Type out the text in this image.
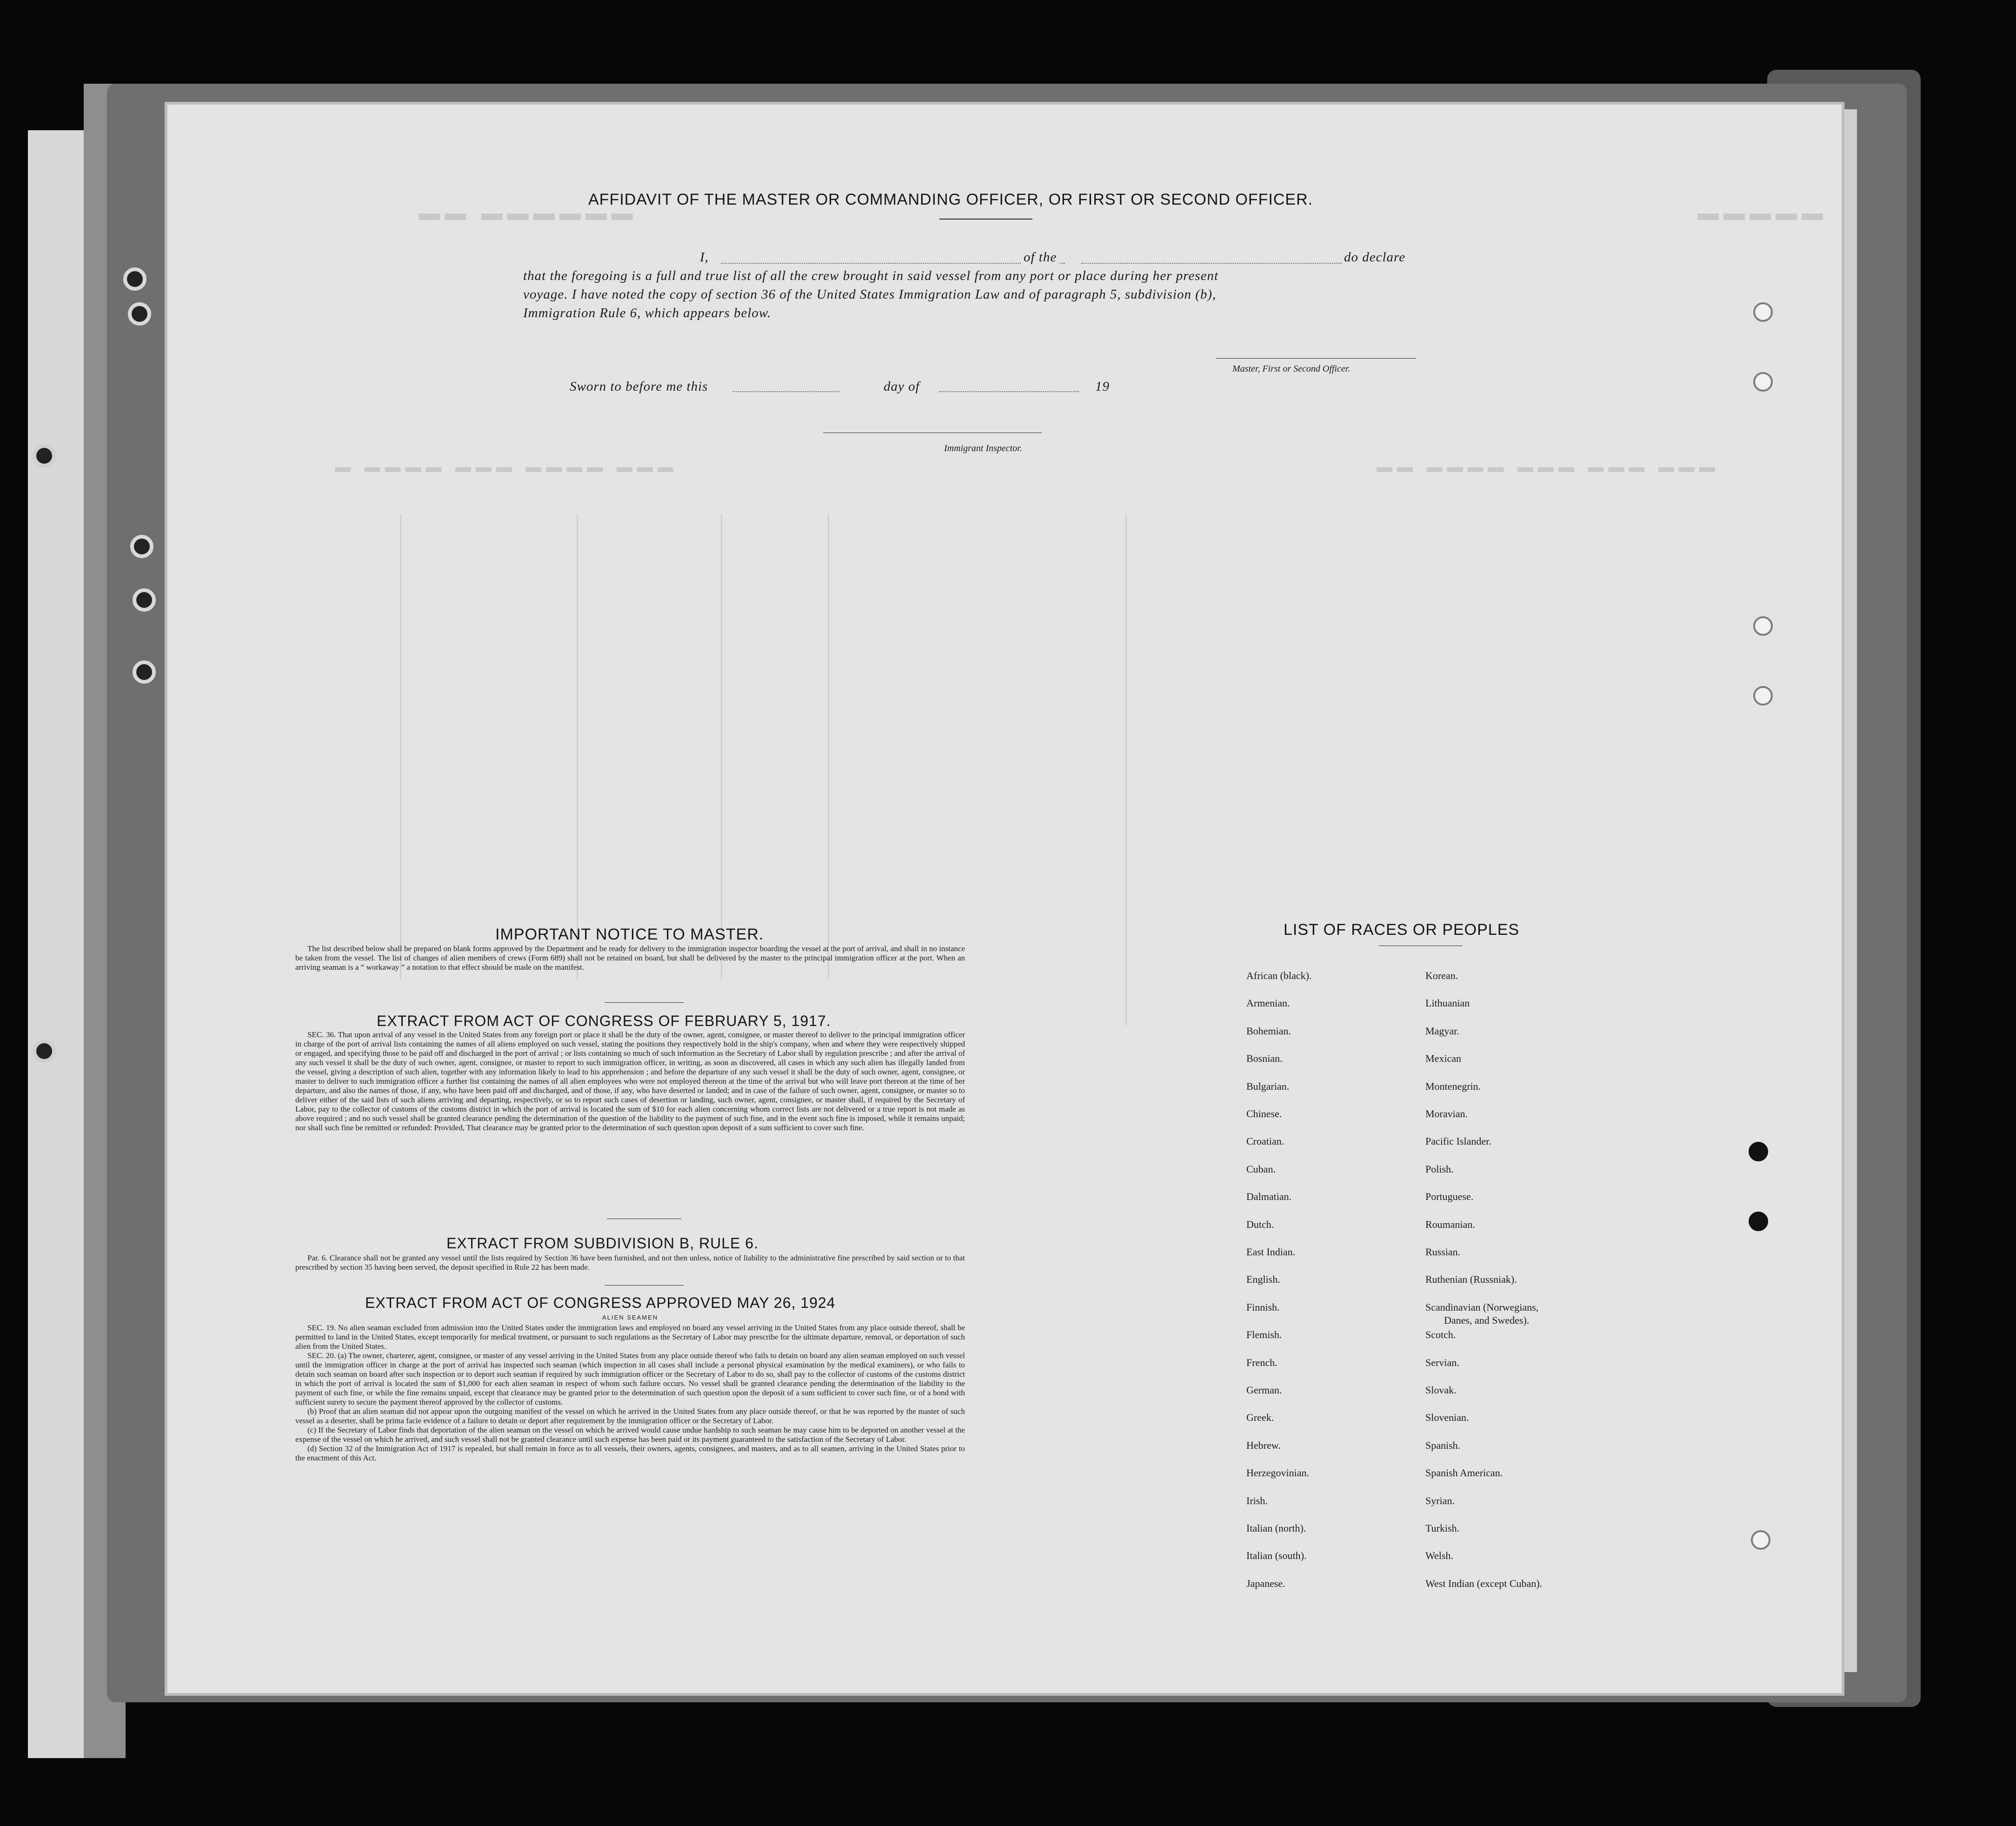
▬▬ ▬▬▬▬▬▬	▬▬▬▬▬
▬ ▬▬▬▬ ▬▬▬ ▬▬▬▬ ▬▬▬	▬▬ ▬▬▬▬ ▬▬▬ ▬▬▬ ▬▬▬
AFFIDAVIT OF THE MASTER OR COMMANDING OFFICER, OR FIRST OR SECOND OFFICER.
I,	of the	do declare
that the foregoing is a full and true list of all the crew brought in said vessel from any port or place during her present
voyage. I have noted the copy of section 36 of the United States Immigration Law and of paragraph 5, subdivision (b),
Immigration Rule 6, which appears below.
Master, First or Second Officer.
Sworn to before me this	day of	19
Immigrant Inspector.
IMPORTANT NOTICE TO MASTER.

The list described below shall be prepared on blank forms approved by the Department and be ready for delivery to the immigration inspector boarding the vessel at the port of arrival, and shall in no instance be taken from the vessel. The list of changes of alien members of crews (Form 689) shall not be retained on board, but shall be delivered by the master to the principal immigration officer at the port. When an arriving seaman is a “ workaway ” a notation to that effect should be made on the manifest.

EXTRACT FROM ACT OF CONGRESS OF FEBRUARY 5, 1917.

SEC. 36. That upon arrival of any vessel in the United States from any foreign port or place it shall be the duty of the owner, agent, consignee, or master thereof to deliver to the principal immigration officer in charge of the port of arrival lists containing the names of all aliens employed on such vessel, stating the positions they respectively hold in the ship's company, when and where they were respectively shipped or engaged, and specifying those to be paid off and discharged in the port of arrival ; or lists containing so much of such information as the Secretary of Labor shall by regulation prescribe ; and after the arrival of any such vessel it shall be the duty of such owner, agent, consignee, or master to report to such immigration officer, in writing, as soon as discovered, all cases in which any such alien has illegally landed from the vessel, giving a description of such alien, together with any information likely to lead to his apprehension ; and before the departure of any such vessel it shall be the duty of such owner, agent, consignee, or master to deliver to such immigration officer a further list containing the names of all alien employees who were not employed thereon at the time of the arrival but who will leave port thereon at the time of her departure, and also the names of those, if any, who have been paid off and discharged, and of those, if any, who have deserted or landed; and in case of the failure of such owner, agent, consignee, or master so to deliver either of the said lists of such aliens arriving and departing, respectively, or so to report such cases of desertion or landing, such owner, agent, consignee, or master shall, if required by the Secretary of Labor, pay to the collector of customs of the customs district in which the port of arrival is located the sum of $10 for each alien concerning whom correct lists are not delivered or a true report is not made as above required ; and no such vessel shall be granted clearance pending the determination of the question of the liability to the payment of such fine, and in the event such fine is imposed, while it remains unpaid; nor shall such fine be remitted or refunded: Provided, That clearance may be granted prior to the determination of such question upon deposit of a sum sufficient to cover such fine.

EXTRACT FROM SUBDIVISION B, RULE 6.

Par. 6. Clearance shall not be granted any vessel until the lists required by Section 36 have been furnished, and not then unless, notice of liability to the administrative fine prescribed by said section or to that prescribed by section 35 having been served, the deposit specified in Rule 22 has been made.

EXTRACT FROM ACT OF CONGRESS APPROVED MAY 26, 1924
ALIEN SEAMEN

SEC. 19. No alien seaman excluded from admission into the United States under the immigration laws and employed on board any vessel arriving in the United States from any place outside thereof, shall be permitted to land in the United States, except temporarily for medical treatment, or pursuant to such regulations as the Secretary of Labor may prescribe for the ultimate departure, removal, or deportation of such alien from the United States.

SEC. 20. (a) The owner, charterer, agent, consignee, or master of any vessel arriving in the United States from any place outside thereof who fails to detain on board any alien seaman employed on such vessel until the immigration officer in charge at the port of arrival has inspected such seaman (which inspection in all cases shall include a personal physical examination by the medical examiners), or who fails to detain such seaman on board after such inspection or to deport such seaman if required by such immigration officer or the Secretary of Labor to do so, shall pay to the collector of customs of the customs district in which the port of arrival is located the sum of $1,000 for each alien seaman in respect of whom such failure occurs. No vessel shall be granted clearance pending the determination of the liability to the payment of such fine, or while the fine remains unpaid, except that clearance may be granted prior to the determination of such question upon the deposit of a sum sufficient to cover such fine, or of a bond with sufficient surety to secure the payment thereof approved by the collector of customs.

(b) Proof that an alien seaman did not appear upon the outgoing manifest of the vessel on which he arrived in the United States from any place outside thereof, or that he was reported by the master of such vessel as a deserter, shall be prima facie evidence of a failure to detain or deport after requirement by the immigration officer or the Secretary of Labor.

(c) If the Secretary of Labor finds that deportation of the alien seaman on the vessel on which he arrived would cause undue hardship to such seaman he may cause him to be deported on another vessel at the expense of the vessel on which he arrived, and such vessel shall not be granted clearance until such expense has been paid or its payment guaranteed to the satisfaction of the Secretary of Labor.

(d) Section 32 of the Immigration Act of 1917 is repealed, but shall remain in force as to all vessels, their owners, agents, consignees, and masters, and as to all seamen, arriving in the United States prior to the enactment of this Act.

LIST OF RACES OR PEOPLES
African (black).
Armenian.
Bohemian.
Bosnian.
Bulgarian.
Chinese.
Croatian.
Cuban.
Dalmatian.
Dutch.
East Indian.
English.
Finnish.
Flemish.
French.
German.
Greek.
Hebrew.
Herzegovinian.
Irish.
Italian (north).
Italian (south).
Japanese.
Korean.
Lithuanian
Magyar.
Mexican
Montenegrin.
Moravian.
Pacific Islander.
Polish.
Portuguese.
Roumanian.
Russian.
Ruthenian (Russniak).
Scandinavian (Norwegians,
Danes, and Swedes).
Scotch.
Servian.
Slovak.
Slovenian.
Spanish.
Spanish American.
Syrian.
Turkish.
Welsh.
West Indian (except Cuban).
